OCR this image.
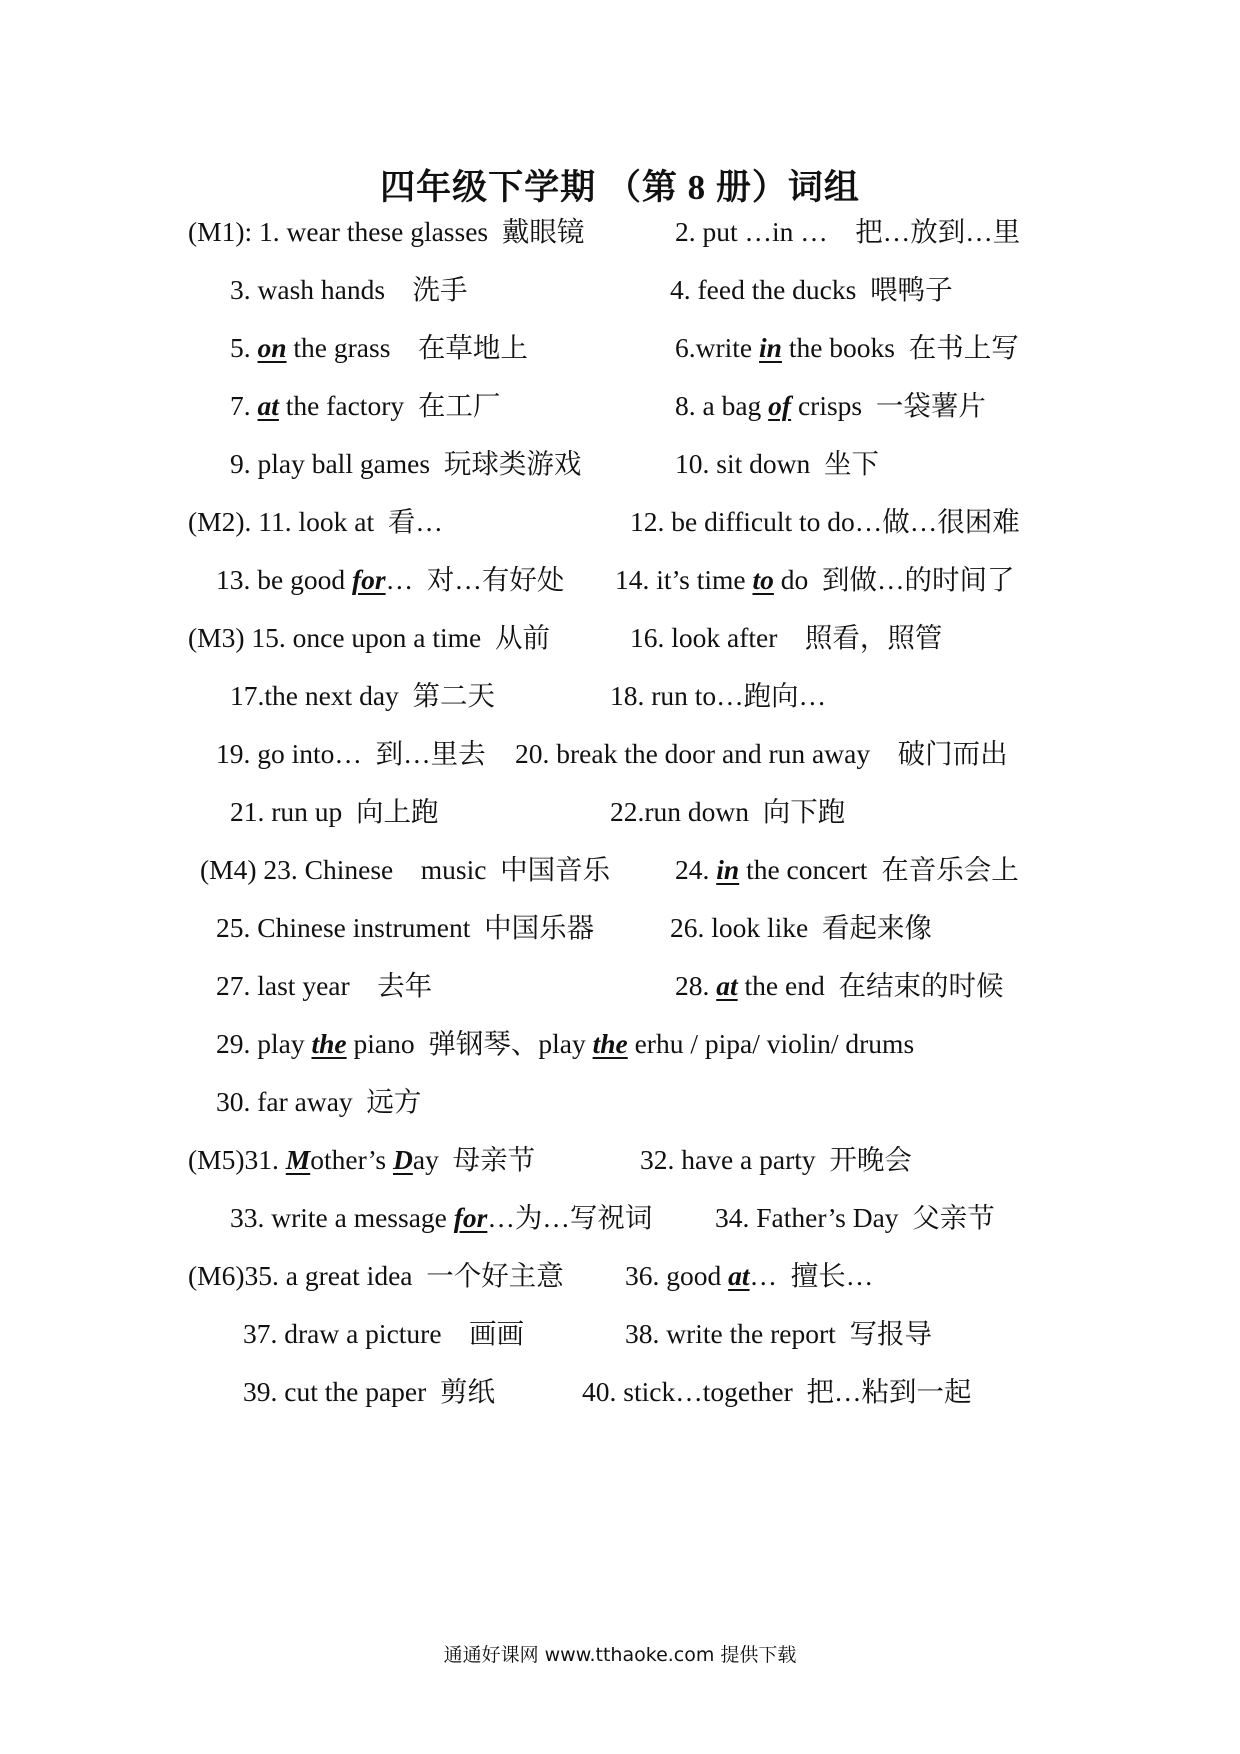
四年级下学期 （第 8 册）词组
(M1): 1. wear these glasses  戴眼镜	2. put …in …    把…放到…里
3. wash hands    洗手	4. feed the ducks  喂鸭子
5. on the grass    在草地上	6.write in the books  在书上写
7. at the factory  在工厂	8. a bag of crisps  一袋薯片
9. play ball games  玩球类游戏	10. sit down  坐下
(M2). 11. look at  看…	12. be difficult to do…做…很困难
13. be good for…  对…有好处 14. it’s time to do  到做…的时间了
(M3) 15. once upon a time  从前	16. look after    照看，照管
17.the next day  第二天	18. run to…跑向…
19. go into…  到…里去 20. break the door and run away    破门而出
21. run up  向上跑	22.run down  向下跑
(M4) 23. Chinese    music  中国音乐 24. in the concert  在音乐会上
25. Chinese instrument  中国乐器	26. look like  看起来像
27. last year    去年	28. at the end  在结束的时候
29. play the piano  弹钢琴、play the erhu / pipa/ violin/ drums
30. far away  远方
(M5)31. Mother’s Day  母亲节	32. have a party  开晚会
33. write a message for…为…写祝词 34. Father’s Day  父亲节
(M6)35. a great idea  一个好主意 36. good at…  擅长…
37. draw a picture    画画	38. write the report  写报导
39. cut the paper  剪纸	40. stick…together  把…粘到一起
通通好课网 www.tthaoke.com 提供下载
